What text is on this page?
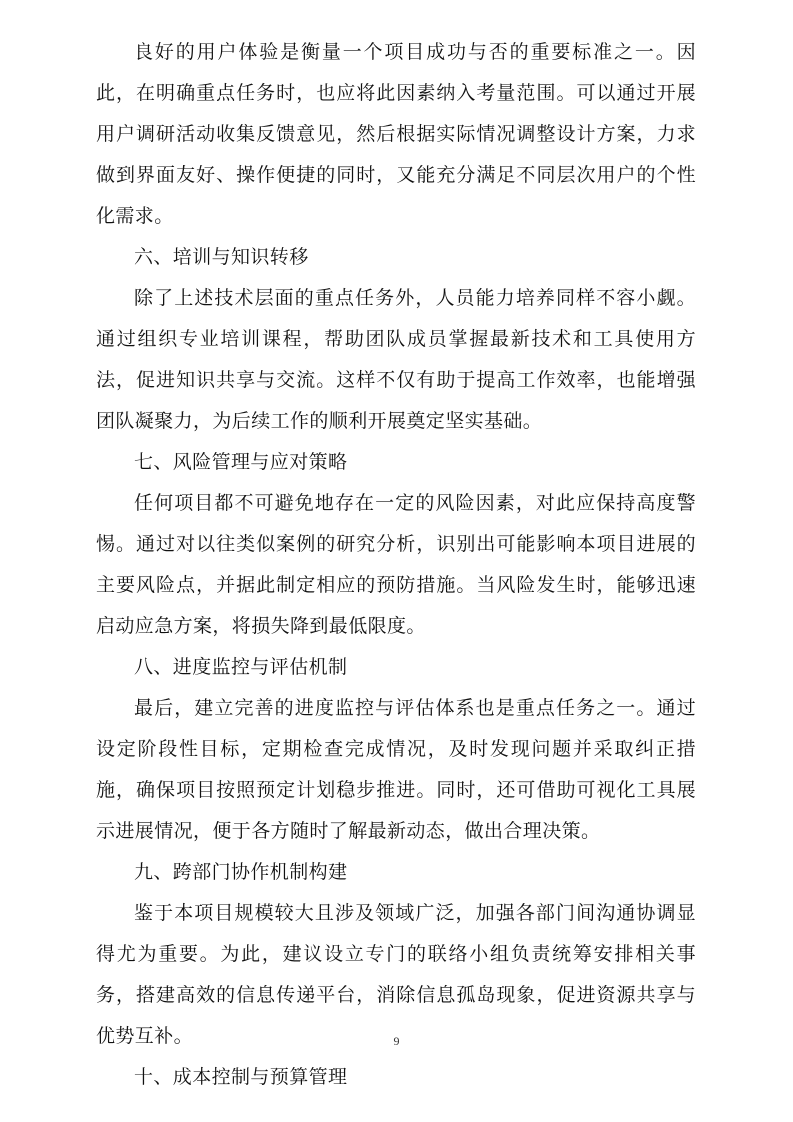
良好的用户体验是衡量一个项目成功与否的重要标准之一。因此，在明确重点任务时，也应将此因素纳入考量范围。可以通过开展用户调研活动收集反馈意见，然后根据实际情况调整设计方案，力求做到界面友好、操作便捷的同时，又能充分满足不同层次用户的个性化需求。

六、培训与知识转移

除了上述技术层面的重点任务外，人员能力培养同样不容小觑。通过组织专业培训课程，帮助团队成员掌握最新技术和工具使用方法，促进知识共享与交流。这样不仅有助于提高工作效率，也能增强团队凝聚力，为后续工作的顺利开展奠定坚实基础。

七、风险管理与应对策略

任何项目都不可避免地存在一定的风险因素，对此应保持高度警惕。通过对以往类似案例的研究分析，识别出可能影响本项目进展的主要风险点，并据此制定相应的预防措施。当风险发生时，能够迅速启动应急方案，将损失降到最低限度。

八、进度监控与评估机制

最后，建立完善的进度监控与评估体系也是重点任务之一。通过设定阶段性目标，定期检查完成情况，及时发现问题并采取纠正措施，确保项目按照预定计划稳步推进。同时，还可借助可视化工具展示进展情况，便于各方随时了解最新动态，做出合理决策。

九、跨部门协作机制构建

鉴于本项目规模较大且涉及领域广泛，加强各部门间沟通协调显得尤为重要。为此，建议设立专门的联络小组负责统筹安排相关事务，搭建高效的信息传递平台，消除信息孤岛现象，促进资源共享与优势互补。

十、成本控制与预算管理

9
